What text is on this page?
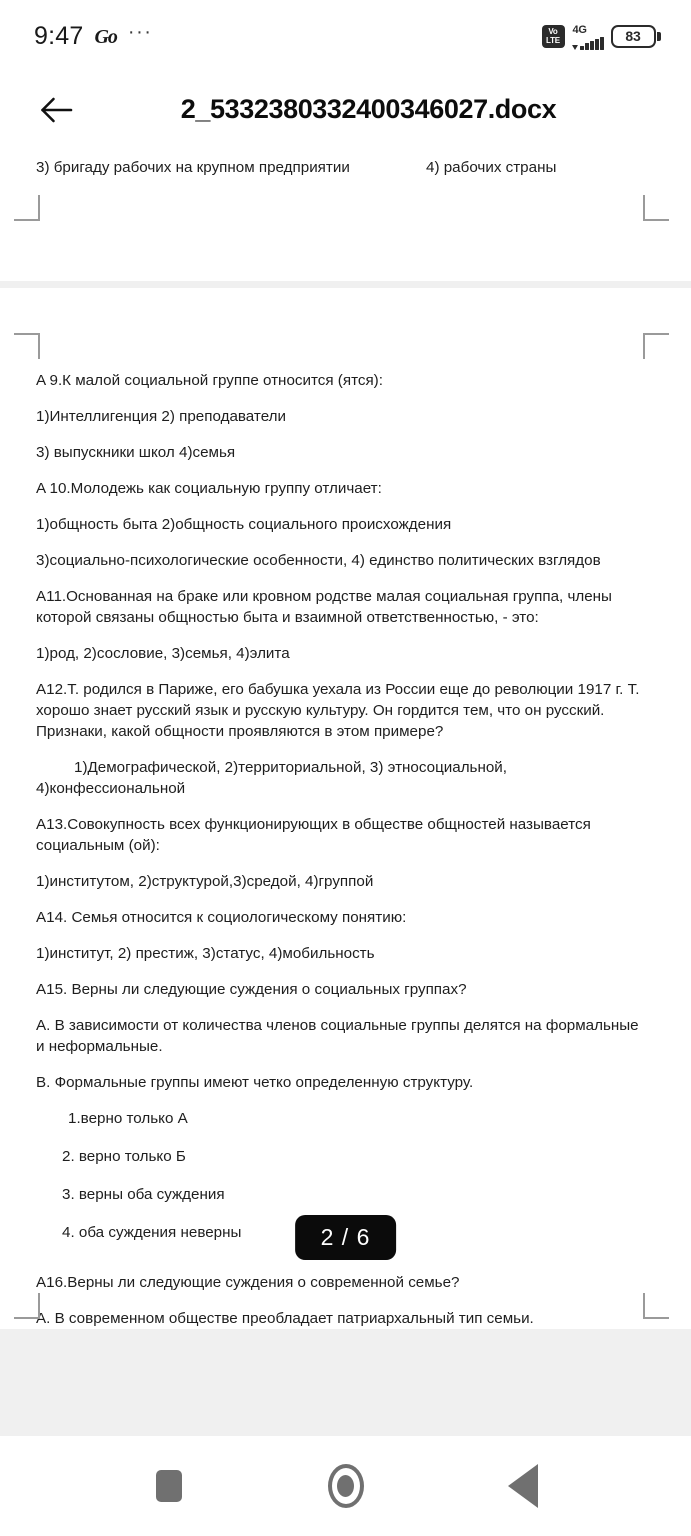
9:47 Go ···	Vo
LTE
4G	83
2_5332380332400346027.docx
3) бригаду рабочих на крупном предприятии	4) рабочих страны

A 9.К малой социальной группе относится (ятся):

1)Интеллигенция 2) преподаватели

3) выпускники школ 4)семья

A 10.Молодежь как социальную группу отличает:

1)общность быта 2)общность социального происхождения

3)социально-психологические особенности, 4) единство политических взглядов

A11.Основанная на браке или кровном родстве малая социальная группа, члены которой связаны общностью быта и взаимной ответственностью, - это:

1)род, 2)сословие, 3)семья, 4)элита

A12.Т. родился в Париже, его бабушка уехала из России еще до революции 1917 г. Т. хорошо знает русский язык и русскую культуру. Он гордится тем, что он русский. Признаки, какой общности проявляются в этом примере?

1)Демографической, 2)территориальной, 3) этносоциальной,
4)конфессиональной

A13.Совокупность всех функционирующих в обществе общностей называется социальным (ой):

1)институтом, 2)структурой,3)средой, 4)группой

A14. Семья относится к социологическому понятию:

1)институт, 2) престиж, 3)статус, 4)мобильность

A15. Верны ли следующие суждения о социальных группах?

А. В зависимости от количества членов социальные группы делятся на формальные и неформальные.

В. Формальные группы имеют четко определенную структуру.

1.верно только А

2. верно только Б

3. верны оба суждения

4. оба суждения неверны

A16.Верны ли следующие суждения о современной семье?

А. В современном обществе преобладает патриархальный тип семьи.

2 / 6
